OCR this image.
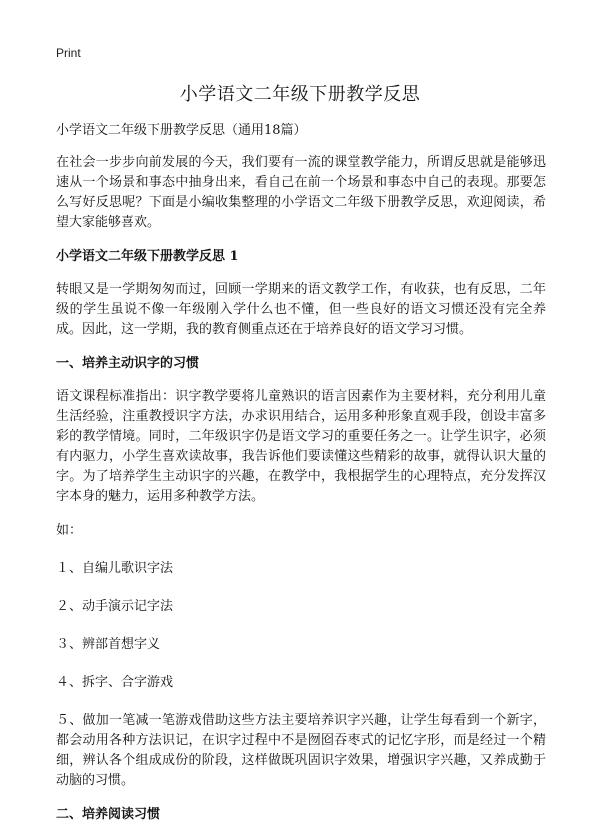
Print
小学语文二年级下册教学反思

小学语文二年级下册教学反思（通用18篇）

在社会一步步向前发展的今天，我们要有一流的课堂教学能力，所谓反思就是能够迅速从一个场景和事态中抽身出来，看自己在前一个场景和事态中自己的表现。那要怎么写好反思呢？下面是小编收集整理的小学语文二年级下册教学反思，欢迎阅读，希望大家能够喜欢。

小学语文二年级下册教学反思 1

转眼又是一学期匆匆而过，回顾一学期来的语文教学工作，有收获，也有反思，二年级的学生虽说不像一年级刚入学什么也不懂，但一些良好的语文习惯还没有完全养成。因此，这一学期，我的教育侧重点还在于培养良好的语文学习习惯。

一、培养主动识字的习惯

语文课程标准指出：识字教学要将儿童熟识的语言因素作为主要材料，充分利用儿童生活经验，注重教授识字方法，办求识用结合，运用多种形象直观手段，创设丰富多彩的教学情境。同时，二年级识字仍是语文学习的重要任务之一。让学生识字，必须有内驱力，小学生喜欢读故事，我告诉他们要读懂这些精彩的故事，就得认识大量的字。为了培养学生主动识字的兴趣，在教学中，我根据学生的心理特点，充分发挥汉字本身的魅力，运用多种教学方法。

如：

１、自编儿歌识字法

２、动手演示记字法

３、辨部首想字义

４、拆字、合字游戏

５、做加一笔减一笔游戏借助这些方法主要培养识字兴趣，让学生每看到一个新字，都会动用各种方法识记，在识字过程中不是囫囵吞枣式的记忆字形，而是经过一个精细，辨认各个组成成份的阶段，这样做既巩固识字效果，增强识字兴趣，又养成勤于动脑的习惯。

二、培养阅读习惯
